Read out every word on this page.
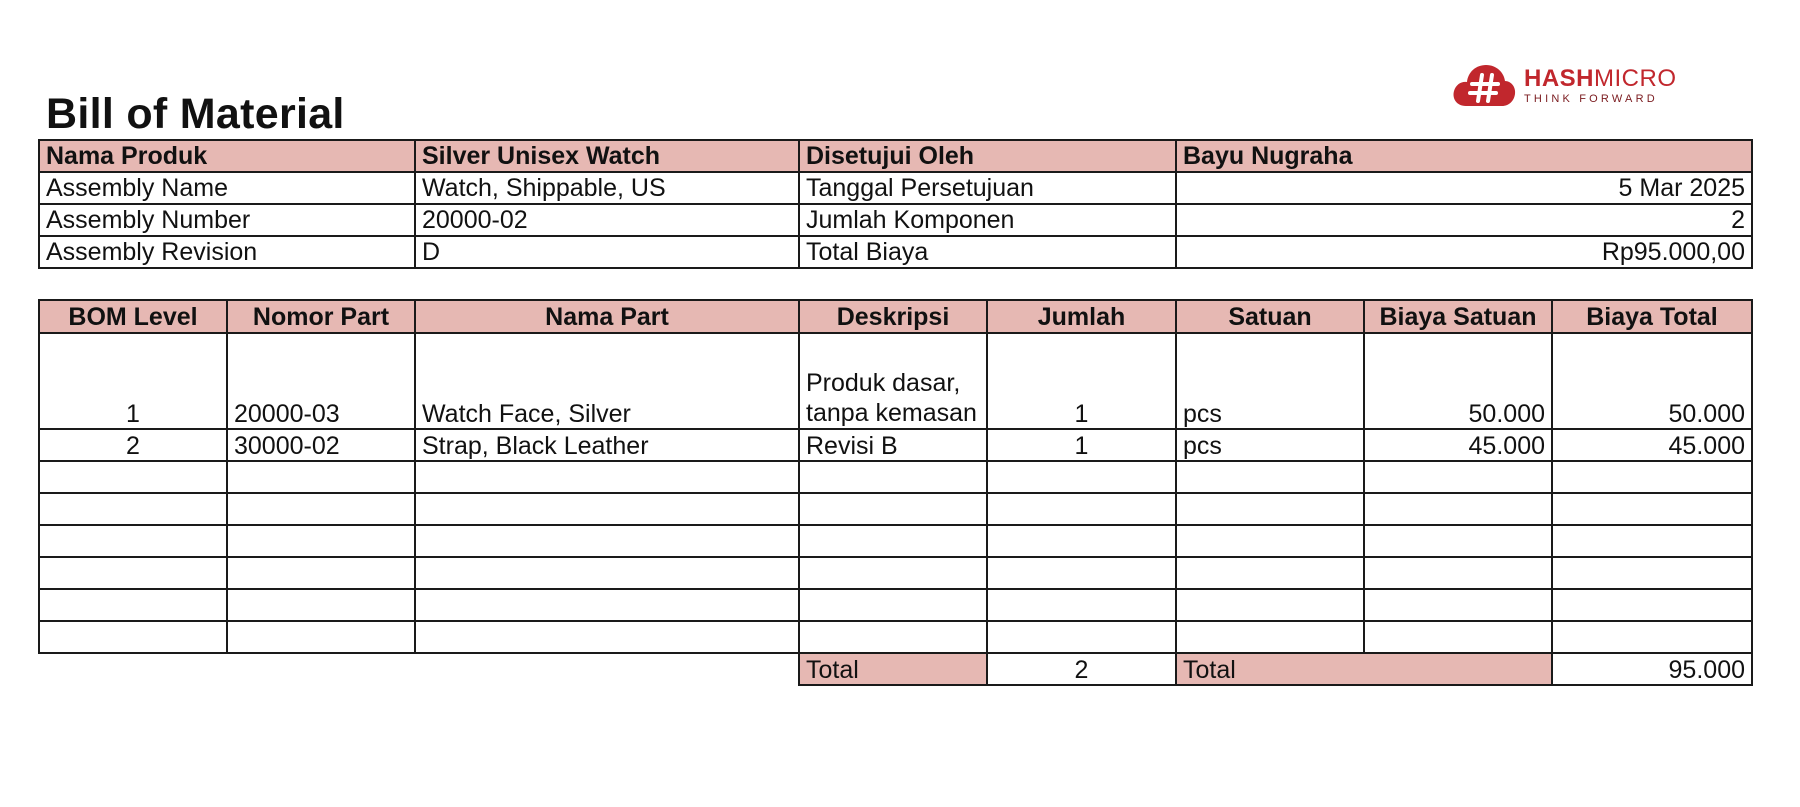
Bill of Material
HASHMICRO
THINK FORWARD
Nama Produk	Silver Unisex Watch	Disetujui Oleh	Bayu Nugraha
Assembly Name	Watch, Shippable, US	Tanggal Persetujuan	5 Mar 2025
Assembly Number	20000-02	Jumlah Komponen	2
Assembly Revision	D	Total Biaya	Rp95.000,00
BOM Level	Nomor Part	Nama Part	Deskripsi	Jumlah	Satuan	Biaya Satuan	Biaya Total
1	20000-03	Watch Face, Silver	Produk dasar, tanpa kemasan	1	pcs	50.000	50.000
2	30000-02	Strap, Black Leather	Revisi B	1	pcs	45.000	45.000

			Total	2	Total		95.000
